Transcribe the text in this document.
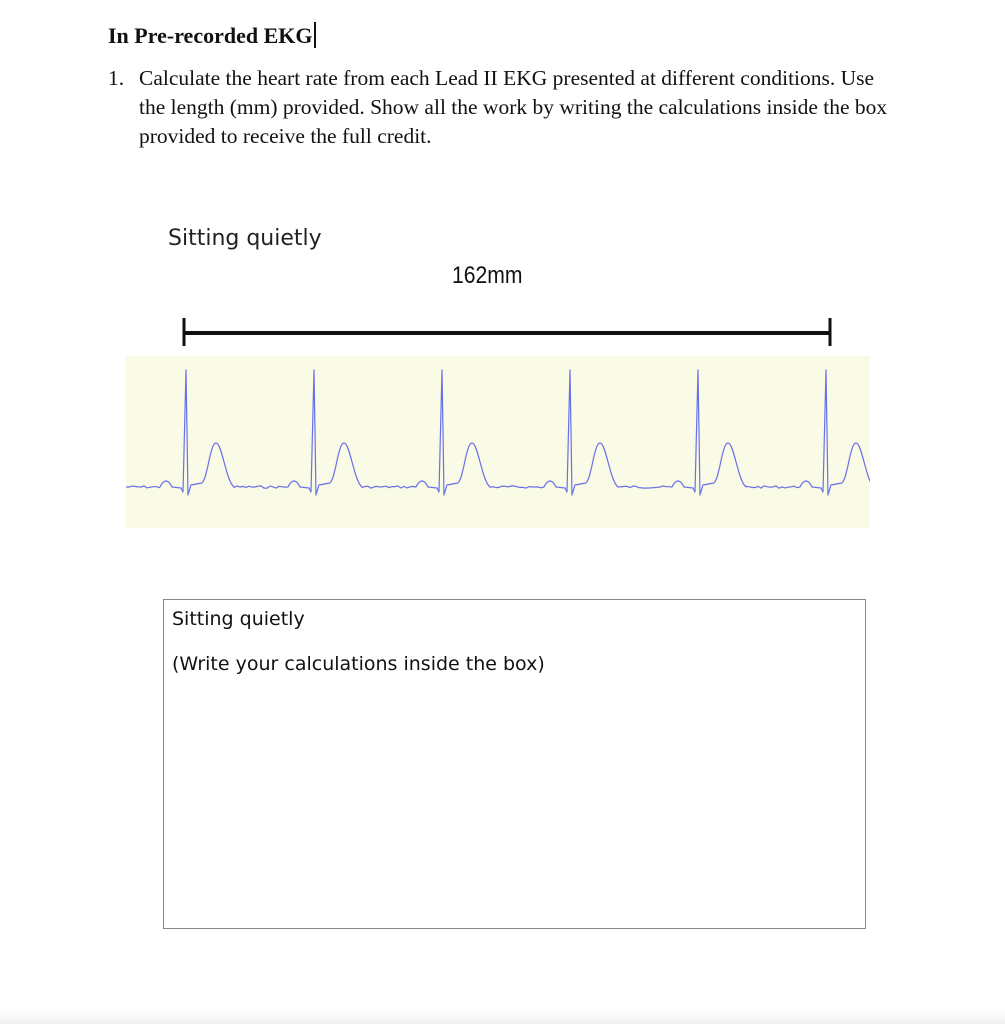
In Pre-recorded EKG
1. Calculate the heart rate from each Lead II EKG presented at different conditions. Use the length (mm) provided. Show all the work by writing the calculations inside the box provided to receive the full credit.
Sitting quietly
162mm
Sitting quietly
(Write your calculations inside the box)
